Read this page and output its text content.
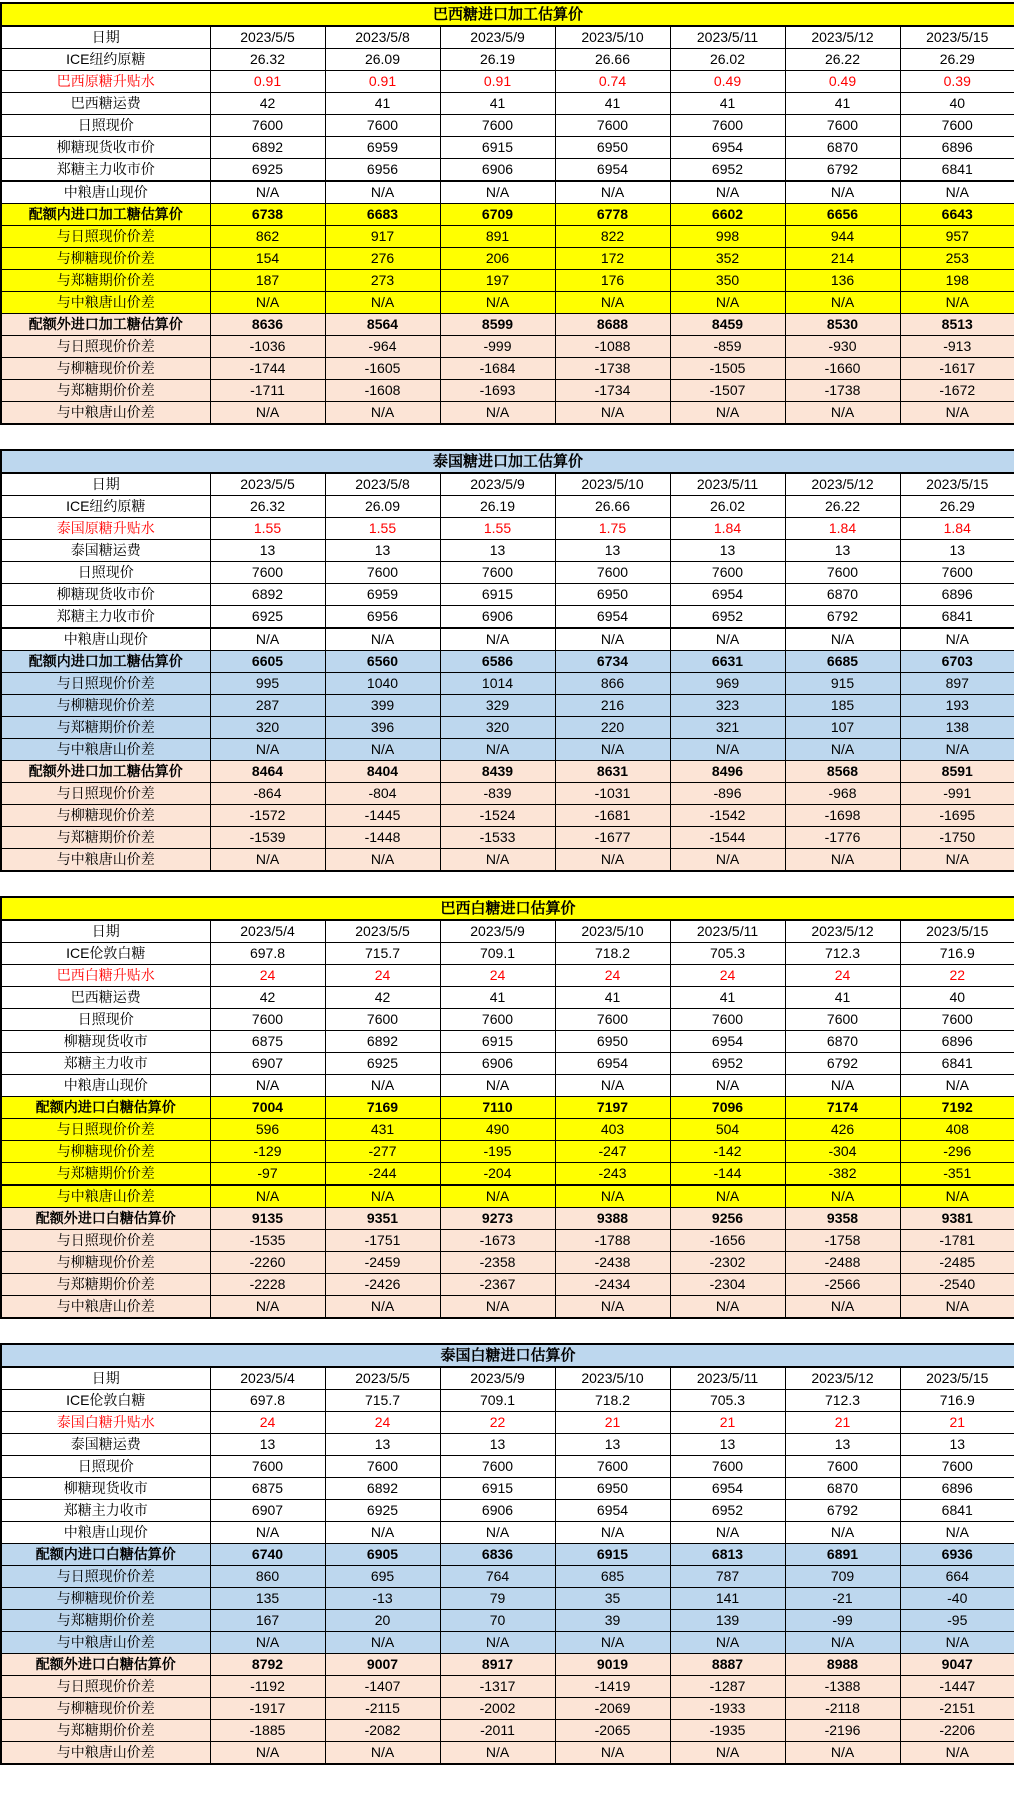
巴西糖进口加工估算价							
日期	2023/5/5	2023/5/8	2023/5/9	2023/5/10	2023/5/11	2023/5/12	2023/5/15
ICE纽约原糖	26.32	26.09	26.19	26.66	26.02	26.22	26.29
巴西原糖升贴水	0.91	0.91	0.91	0.74	0.49	0.49	0.39
巴西糖运费	42	41	41	41	41	41	40
日照现价	7600	7600	7600	7600	7600	7600	7600
柳糖现货收市价	6892	6959	6915	6950	6954	6870	6896
郑糖主力收市价	6925	6956	6906	6954	6952	6792	6841
中粮唐山现价	N/A	N/A	N/A	N/A	N/A	N/A	N/A
配额内进口加工糖估算价	6738	6683	6709	6778	6602	6656	6643
与日照现价价差	862	917	891	822	998	944	957
与柳糖现价价差	154	276	206	172	352	214	253
与郑糖期价价差	187	273	197	176	350	136	198
与中粮唐山价差	N/A	N/A	N/A	N/A	N/A	N/A	N/A
配额外进口加工糖估算价	8636	8564	8599	8688	8459	8530	8513
与日照现价价差	-1036	-964	-999	-1088	-859	-930	-913
与柳糖现价价差	-1744	-1605	-1684	-1738	-1505	-1660	-1617
与郑糖期价价差	-1711	-1608	-1693	-1734	-1507	-1738	-1672
与中粮唐山价差	N/A	N/A	N/A	N/A	N/A	N/A	N/A
泰国糖进口加工估算价							
日期	2023/5/5	2023/5/8	2023/5/9	2023/5/10	2023/5/11	2023/5/12	2023/5/15
ICE纽约原糖	26.32	26.09	26.19	26.66	26.02	26.22	26.29
泰国原糖升贴水	1.55	1.55	1.55	1.75	1.84	1.84	1.84
泰国糖运费	13	13	13	13	13	13	13
日照现价	7600	7600	7600	7600	7600	7600	7600
柳糖现货收市价	6892	6959	6915	6950	6954	6870	6896
郑糖主力收市价	6925	6956	6906	6954	6952	6792	6841
中粮唐山现价	N/A	N/A	N/A	N/A	N/A	N/A	N/A
配额内进口加工糖估算价	6605	6560	6586	6734	6631	6685	6703
与日照现价价差	995	1040	1014	866	969	915	897
与柳糖现价价差	287	399	329	216	323	185	193
与郑糖期价价差	320	396	320	220	321	107	138
与中粮唐山价差	N/A	N/A	N/A	N/A	N/A	N/A	N/A
配额外进口加工糖估算价	8464	8404	8439	8631	8496	8568	8591
与日照现价价差	-864	-804	-839	-1031	-896	-968	-991
与柳糖现价价差	-1572	-1445	-1524	-1681	-1542	-1698	-1695
与郑糖期价价差	-1539	-1448	-1533	-1677	-1544	-1776	-1750
与中粮唐山价差	N/A	N/A	N/A	N/A	N/A	N/A	N/A
巴西白糖进口估算价							
日期	2023/5/4	2023/5/5	2023/5/9	2023/5/10	2023/5/11	2023/5/12	2023/5/15
ICE伦敦白糖	697.8	715.7	709.1	718.2	705.3	712.3	716.9
巴西白糖升贴水	24	24	24	24	24	24	22
巴西糖运费	42	42	41	41	41	41	40
日照现价	7600	7600	7600	7600	7600	7600	7600
柳糖现货收市	6875	6892	6915	6950	6954	6870	6896
郑糖主力收市	6907	6925	6906	6954	6952	6792	6841
中粮唐山现价	N/A	N/A	N/A	N/A	N/A	N/A	N/A
配额内进口白糖估算价	7004	7169	7110	7197	7096	7174	7192
与日照现价价差	596	431	490	403	504	426	408
与柳糖现价价差	-129	-277	-195	-247	-142	-304	-296
与郑糖期价价差	-97	-244	-204	-243	-144	-382	-351
与中粮唐山价差	N/A	N/A	N/A	N/A	N/A	N/A	N/A
配额外进口白糖估算价	9135	9351	9273	9388	9256	9358	9381
与日照现价价差	-1535	-1751	-1673	-1788	-1656	-1758	-1781
与柳糖现价价差	-2260	-2459	-2358	-2438	-2302	-2488	-2485
与郑糖期价价差	-2228	-2426	-2367	-2434	-2304	-2566	-2540
与中粮唐山价差	N/A	N/A	N/A	N/A	N/A	N/A	N/A
泰国白糖进口估算价							
日期	2023/5/4	2023/5/5	2023/5/9	2023/5/10	2023/5/11	2023/5/12	2023/5/15
ICE伦敦白糖	697.8	715.7	709.1	718.2	705.3	712.3	716.9
泰国白糖升贴水	24	24	22	21	21	21	21
泰国糖运费	13	13	13	13	13	13	13
日照现价	7600	7600	7600	7600	7600	7600	7600
柳糖现货收市	6875	6892	6915	6950	6954	6870	6896
郑糖主力收市	6907	6925	6906	6954	6952	6792	6841
中粮唐山现价	N/A	N/A	N/A	N/A	N/A	N/A	N/A
配额内进口白糖估算价	6740	6905	6836	6915	6813	6891	6936
与日照现价价差	860	695	764	685	787	709	664
与柳糖现价价差	135	-13	79	35	141	-21	-40
与郑糖期价价差	167	20	70	39	139	-99	-95
与中粮唐山价差	N/A	N/A	N/A	N/A	N/A	N/A	N/A
配额外进口白糖估算价	8792	9007	8917	9019	8887	8988	9047
与日照现价价差	-1192	-1407	-1317	-1419	-1287	-1388	-1447
与柳糖现价价差	-1917	-2115	-2002	-2069	-1933	-2118	-2151
与郑糖期价价差	-1885	-2082	-2011	-2065	-1935	-2196	-2206
与中粮唐山价差	N/A	N/A	N/A	N/A	N/A	N/A	N/A
